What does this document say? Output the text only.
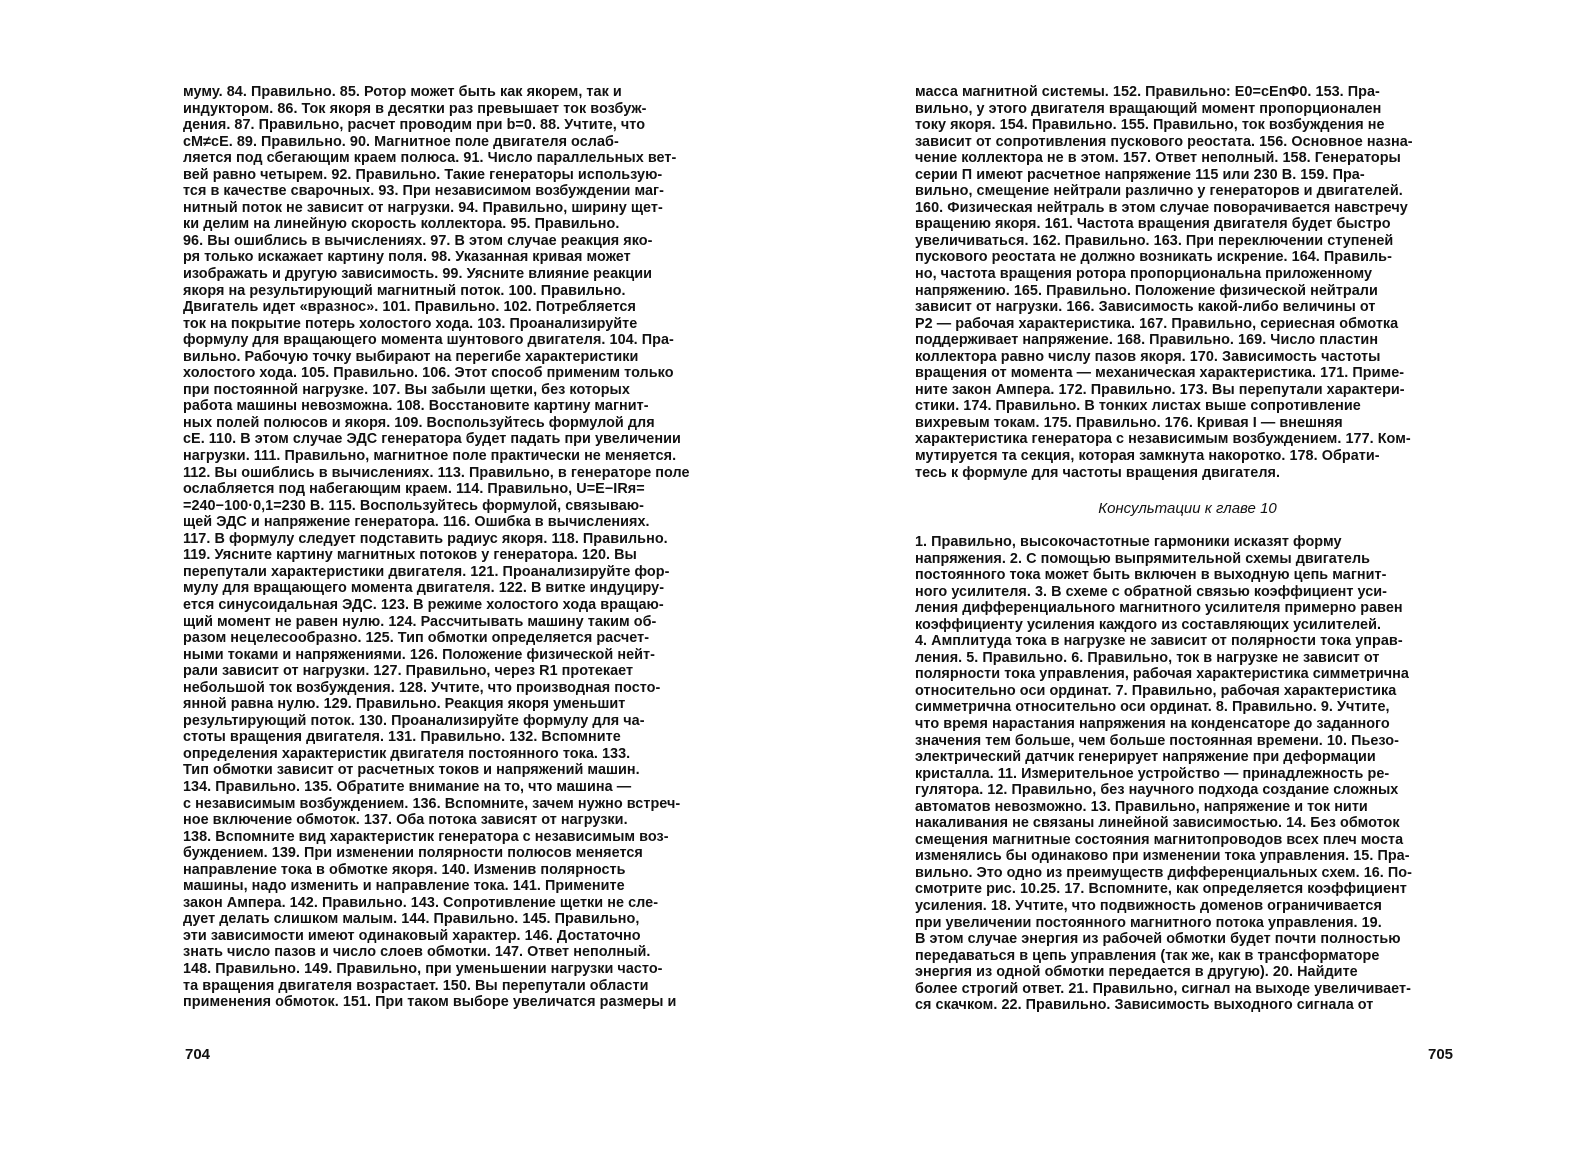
муму. 84. Правильно. 85. Ротор может быть как якорем, так и
индуктором. 86. Ток якоря в десятки раз превышает ток возбуж-
дения. 87. Правильно, расчет проводим при b=0. 88. Учтите, что
cM≠cE. 89. Правильно. 90. Магнитное поле двигателя ослаб-
ляется под сбегающим краем полюса. 91. Число параллельных вет-
вей равно четырем. 92. Правильно. Такие генераторы использую-
тся в качестве сварочных. 93. При независимом возбуждении маг-
нитный поток не зависит от нагрузки. 94. Правильно, ширину щет-
ки делим на линейную скорость коллектора. 95. Правильно.
96. Вы ошиблись в вычислениях. 97. В этом случае реакция яко-
ря только искажает картину поля. 98. Указанная кривая может
изображать и другую зависимость. 99. Уясните влияние реакции
якоря на результирующий магнитный поток. 100. Правильно.
Двигатель идет «вразнос». 101. Правильно. 102. Потребляется
ток на покрытие потерь холостого хода. 103. Проанализируйте
формулу для вращающего момента шунтового двигателя. 104. Пра-
вильно. Рабочую точку выбирают на перегибе характеристики
холостого хода. 105. Правильно. 106. Этот способ применим только
при постоянной нагрузке. 107. Вы забыли щетки, без которых
работа машины невозможна. 108. Восстановите картину магнит-
ных полей полюсов и якоря. 109. Воспользуйтесь формулой для
cE. 110. В этом случае ЭДС генератора будет падать при увеличении
нагрузки. 111. Правильно, магнитное поле практически не меняется.
112. Вы ошиблись в вычислениях. 113. Правильно, в генераторе поле
ослабляется под набегающим краем. 114. Правильно, U=E−IRя=
=240−100·0,1=230 В. 115. Воспользуйтесь формулой, связываю-
щей ЭДС и напряжение генератора. 116. Ошибка в вычислениях.
117. В формулу следует подставить радиус якоря. 118. Правильно.
119. Уясните картину магнитных потоков у генератора. 120. Вы
перепутали характеристики двигателя. 121. Проанализируйте фор-
мулу для вращающего момента двигателя. 122. В витке индуциру-
ется синусоидальная ЭДС. 123. В режиме холостого хода вращаю-
щий момент не равен нулю. 124. Рассчитывать машину таким об-
разом нецелесообразно. 125. Тип обмотки определяется расчет-
ными токами и напряжениями. 126. Положение физической нейт-
рали зависит от нагрузки. 127. Правильно, через R1 протекает
небольшой ток возбуждения. 128. Учтите, что производная посто-
янной равна нулю. 129. Правильно. Реакция якоря уменьшит
результирующий поток. 130. Проанализируйте формулу для ча-
стоты вращения двигателя. 131. Правильно. 132. Вспомните
определения характеристик двигателя постоянного тока. 133.
Тип обмотки зависит от расчетных токов и напряжений машин.
134. Правильно. 135. Обратите внимание на то, что машина —
с независимым возбуждением. 136. Вспомните, зачем нужно встреч-
ное включение обмоток. 137. Оба потока зависят от нагрузки.
138. Вспомните вид характеристик генератора с независимым воз-
буждением. 139. При изменении полярности полюсов меняется
направление тока в обмотке якоря. 140. Изменив полярность
машины, надо изменить и направление тока. 141. Примените
закон Ампера. 142. Правильно. 143. Сопротивление щетки не сле-
дует делать слишком малым. 144. Правильно. 145. Правильно,
эти зависимости имеют одинаковый характер. 146. Достаточно
знать число пазов и число слоев обмотки. 147. Ответ неполный.
148. Правильно. 149. Правильно, при уменьшении нагрузки часто-
та вращения двигателя возрастает. 150. Вы перепутали области
применения обмоток. 151. При таком выборе увеличатся размеры и
704
масса магнитной системы. 152. Правильно: E0=cEnΦ0. 153. Пра-
вильно, у этого двигателя вращающий момент пропорционален
току якоря. 154. Правильно. 155. Правильно, ток возбуждения не
зависит от сопротивления пускового реостата. 156. Основное назна-
чение коллектора не в этом. 157. Ответ неполный. 158. Генераторы
серии П имеют расчетное напряжение 115 или 230 В. 159. Пра-
вильно, смещение нейтрали различно у генераторов и двигателей.
160. Физическая нейтраль в этом случае поворачивается навстречу
вращению якоря. 161. Частота вращения двигателя будет быстро
увеличиваться. 162. Правильно. 163. При переключении ступеней
пускового реостата не должно возникать искрение. 164. Правиль-
но, частота вращения ротора пропорциональна приложенному
напряжению. 165. Правильно. Положение физической нейтрали
зависит от нагрузки. 166. Зависимость какой-либо величины от
P2 — рабочая характеристика. 167. Правильно, сериесная обмотка
поддерживает напряжение. 168. Правильно. 169. Число пластин
коллектора равно числу пазов якоря. 170. Зависимость частоты
вращения от момента — механическая характеристика. 171. Приме-
ните закон Ампера. 172. Правильно. 173. Вы перепутали характери-
стики. 174. Правильно. В тонких листах выше сопротивление
вихревым токам. 175. Правильно. 176. Кривая I — внешняя
характеристика генератора с независимым возбуждением. 177. Ком-
мутируется та секция, которая замкнута накоротко. 178. Обрати-
тесь к формуле для частоты вращения двигателя.
Консультации к главе 10
1. Правильно, высокочастотные гармоники исказят форму
напряжения. 2. С помощью выпрямительной схемы двигатель
постоянного тока может быть включен в выходную цепь магнит-
ного усилителя. 3. В схеме с обратной связью коэффициент уси-
ления дифференциального магнитного усилителя примерно равен
коэффициенту усиления каждого из составляющих усилителей.
4. Амплитуда тока в нагрузке не зависит от полярности тока управ-
ления. 5. Правильно. 6. Правильно, ток в нагрузке не зависит от
полярности тока управления, рабочая характеристика симметрична
относительно оси ординат. 7. Правильно, рабочая характеристика
симметрична относительно оси ординат. 8. Правильно. 9. Учтите,
что время нарастания напряжения на конденсаторе до заданного
значения тем больше, чем больше постоянная времени. 10. Пьезо-
электрический датчик генерирует напряжение при деформации
кристалла. 11. Измерительное устройство — принадлежность ре-
гулятора. 12. Правильно, без научного подхода создание сложных
автоматов невозможно. 13. Правильно, напряжение и ток нити
накаливания не связаны линейной зависимостью. 14. Без обмоток
смещения магнитные состояния магнитопроводов всех плеч моста
изменялись бы одинаково при изменении тока управления. 15. Пра-
вильно. Это одно из преимуществ дифференциальных схем. 16. По-
смотрите рис. 10.25. 17. Вспомните, как определяется коэффициент
усиления. 18. Учтите, что подвижность доменов ограничивается
при увеличении постоянного магнитного потока управления. 19.
В этом случае энергия из рабочей обмотки будет почти полностью
передаваться в цепь управления (так же, как в трансформаторе
энергия из одной обмотки передается в другую). 20. Найдите
более строгий ответ. 21. Правильно, сигнал на выходе увеличивает-
ся скачком. 22. Правильно. Зависимость выходного сигнала от
705
